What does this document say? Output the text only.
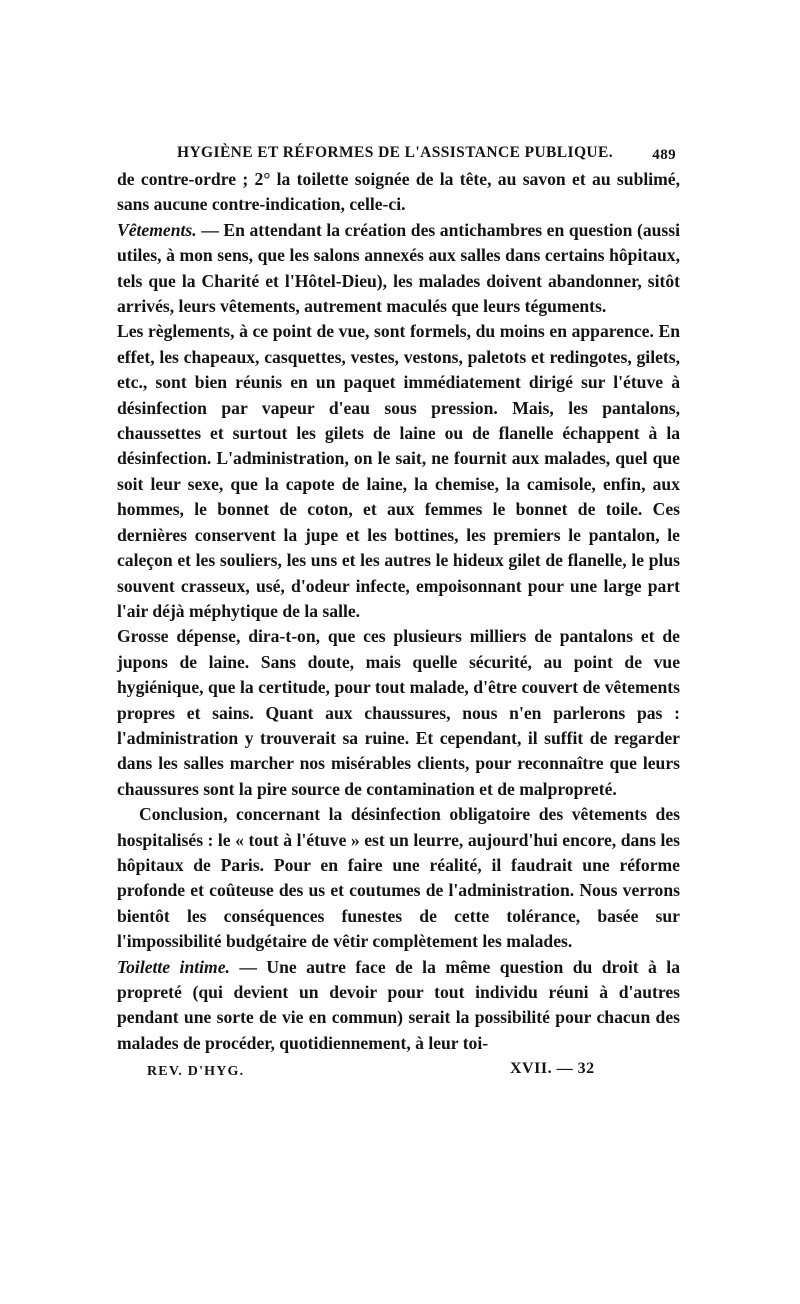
HYGIÈNE ET RÉFORMES DE L'ASSISTANCE PUBLIQUE.	489

de contre-ordre ; 2° la toilette soignée de la tête, au savon et au sublimé, sans aucune contre-indication, celle-ci.

Vêtements. — En attendant la création des antichambres en question (aussi utiles, à mon sens, que les salons annexés aux salles dans certains hôpitaux, tels que la Charité et l'Hôtel-Dieu), les malades doivent abandonner, sitôt arrivés, leurs vêtements, autrement maculés que leurs téguments.

Les règlements, à ce point de vue, sont formels, du moins en apparence. En effet, les chapeaux, casquettes, vestes, vestons, paletots et redingotes, gilets, etc., sont bien réunis en un paquet immédiatement dirigé sur l'étuve à désinfection par vapeur d'eau sous pression. Mais, les pantalons, chaussettes et surtout les gilets de laine ou de flanelle échappent à la désinfection. L'administration, on le sait, ne fournit aux malades, quel que soit leur sexe, que la capote de laine, la chemise, la camisole, enfin, aux hommes, le bonnet de coton, et aux femmes le bonnet de toile. Ces dernières conservent la jupe et les bottines, les premiers le pantalon, le caleçon et les souliers, les uns et les autres le hideux gilet de flanelle, le plus souvent crasseux, usé, d'odeur infecte, empoisonnant pour une large part l'air déjà méphytique de la salle.

Grosse dépense, dira-t-on, que ces plusieurs milliers de pantalons et de jupons de laine. Sans doute, mais quelle sécurité, au point de vue hygiénique, que la certitude, pour tout malade, d'être couvert de vêtements propres et sains. Quant aux chaussures, nous n'en parlerons pas : l'administration y trouverait sa ruine. Et cependant, il suffit de regarder dans les salles marcher nos misérables clients, pour reconnaître que leurs chaussures sont la pire source de contamination et de malpropreté.

Conclusion, concernant la désinfection obligatoire des vêtements des hospitalisés : le « tout à l'étuve » est un leurre, aujourd'hui encore, dans les hôpitaux de Paris. Pour en faire une réalité, il faudrait une réforme profonde et coûteuse des us et coutumes de l'administration. Nous verrons bientôt les conséquences funestes de cette tolérance, basée sur l'impossibilité budgétaire de vêtir complètement les malades.

Toilette intime. — Une autre face de la même question du droit à la propreté (qui devient un devoir pour tout individu réuni à d'autres pendant une sorte de vie en commun) serait la possibilité pour chacun des malades de procéder, quotidiennement, à leur toi-

REV. D'HYG.	XVII. — 32
